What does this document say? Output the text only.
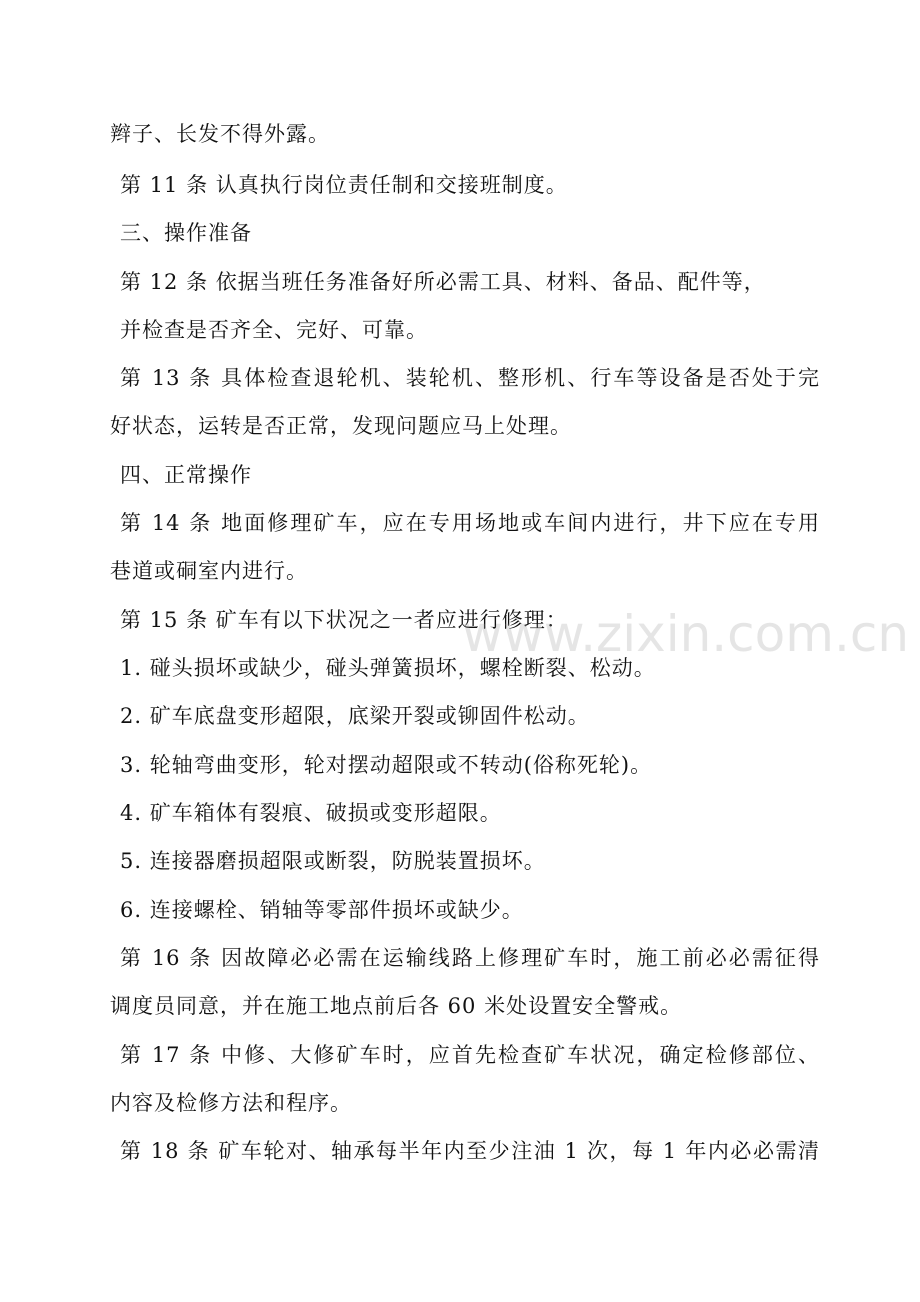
辫子、长发不得外露。
第 11 条 认真执行岗位责任制和交接班制度。
三、操作准备
第 12 条 依据当班任务准备好所必需工具、材料、备品、配件等，
并检查是否齐全、完好、可靠。
第 13 条 具体检查退轮机、装轮机、整形机、行车等设备是否处于完
好状态，运转是否正常，发现问题应马上处理。
四、正常操作
第 14 条 地面修理矿车，应在专用场地或车间内进行，井下应在专用
巷道或硐室内进行。
第 15 条 矿车有以下状况之一者应进行修理：
1. 碰头损坏或缺少，碰头弹簧损坏，螺栓断裂、松动。
2. 矿车底盘变形超限，底梁开裂或铆固件松动。
3. 轮轴弯曲变形，轮对摆动超限或不转动(俗称死轮)。
4. 矿车箱体有裂痕、破损或变形超限。
5. 连接器磨损超限或断裂，防脱装置损坏。
6. 连接螺栓、销轴等零部件损坏或缺少。
第 16 条 因故障必必需在运输线路上修理矿车时，施工前必必需征得
调度员同意，并在施工地点前后各 60 米处设置安全警戒。
第 17 条 中修、大修矿车时，应首先检查矿车状况，确定检修部位、
内容及检修方法和程序。
第 18 条 矿车轮对、轴承每半年内至少注油 1 次，每 1 年内必必需清
www.zixin.com.cn
